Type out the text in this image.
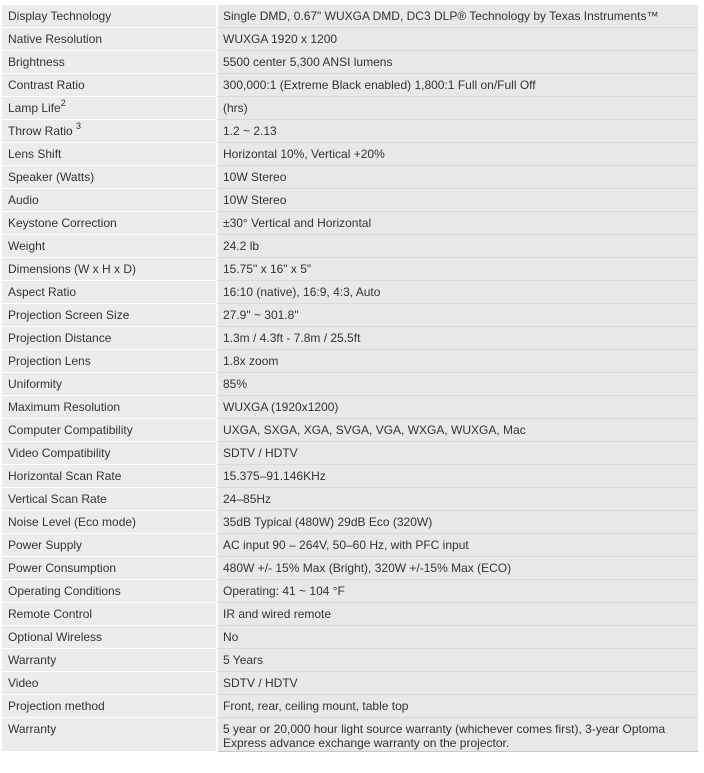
Display Technology	Single DMD, 0.67" WUXGA DMD, DC3 DLP® Technology by Texas Instruments™
Native Resolution	WUXGA 1920 x 1200
Brightness	5500 center 5,300 ANSI lumens
Contrast Ratio	300,000:1 (Extreme Black enabled) 1,800:1 Full on/Full Off
Lamp Life$^2$	(hrs)
Throw Ratio $^3$	1.2 ~ 2.13
Lens Shift	Horizontal 10%, Vertical +20%
Speaker (Watts)	10W Stereo
Audio	10W Stereo
Keystone Correction	±30° Vertical and Horizontal
Weight	24.2 lb
Dimensions (W x H x D)	15.75" x 16" x 5"
Aspect Ratio	16:10 (native), 16:9, 4:3, Auto
Projection Screen Size	27.9" ~ 301.8"
Projection Distance	1.3m / 4.3ft - 7.8m / 25.5ft
Projection Lens	1.8x zoom
Uniformity	85%
Maximum Resolution	WUXGA (1920x1200)
Computer Compatibility	UXGA, SXGA, XGA, SVGA, VGA, WXGA, WUXGA, Mac
Video Compatibility	SDTV / HDTV
Horizontal Scan Rate	15.375–91.146KHz
Vertical Scan Rate	24–85Hz
Noise Level (Eco mode)	35dB Typical (480W) 29dB Eco (320W)
Power Supply	AC input 90 – 264V, 50–60 Hz, with PFC input
Power Consumption	480W +/- 15% Max (Bright), 320W +/-15% Max (ECO)
Operating Conditions	Operating: 41 ~ 104 °F
Remote Control	IR and wired remote
Optional Wireless	No
Warranty	5 Years
Video	SDTV / HDTV
Projection method	Front, rear, ceiling mount, table top
Warranty	5 year or 20,000 hour light source warranty (whichever comes first), 3-year Optoma Express advance exchange warranty on the projector.
